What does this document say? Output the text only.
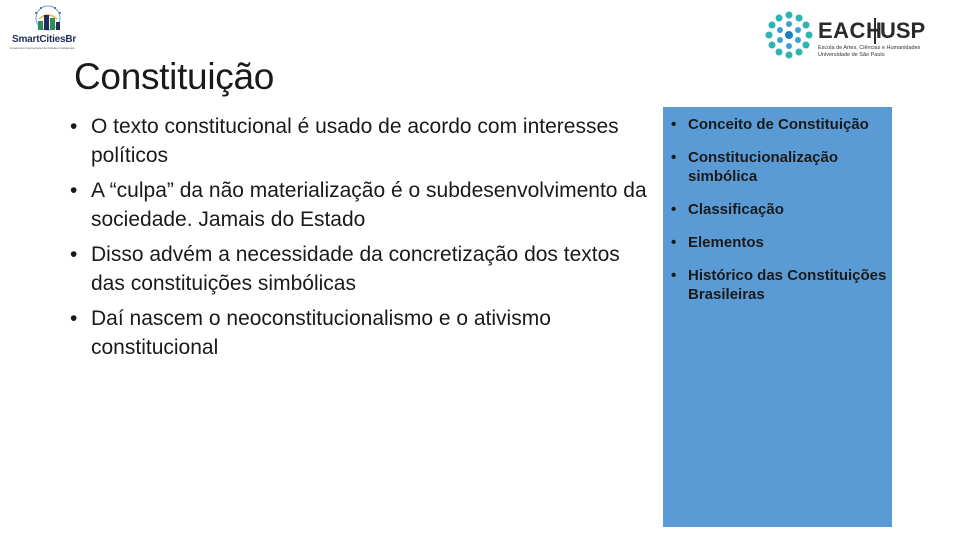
SmartCitiesBr
Congresso Internacional de Cidades Inteligentes
EACH
USP
Escola de Artes, Ciências e Humanidades
Universidade de São Paulo
Constituição
• O texto constitucional é usado de acordo com interesses políticos
• A “culpa” da não materialização é o subdesenvolvimento da sociedade. Jamais do Estado
• Disso advém a necessidade da concretização dos textos das constituições simbólicas
• Daí nascem o neoconstitucionalismo e o ativismo constitucional
• Conceito de Constituição
• Constitucionalização simbólica
• Classificação
• Elementos
• Histórico das Constituições Brasileiras
